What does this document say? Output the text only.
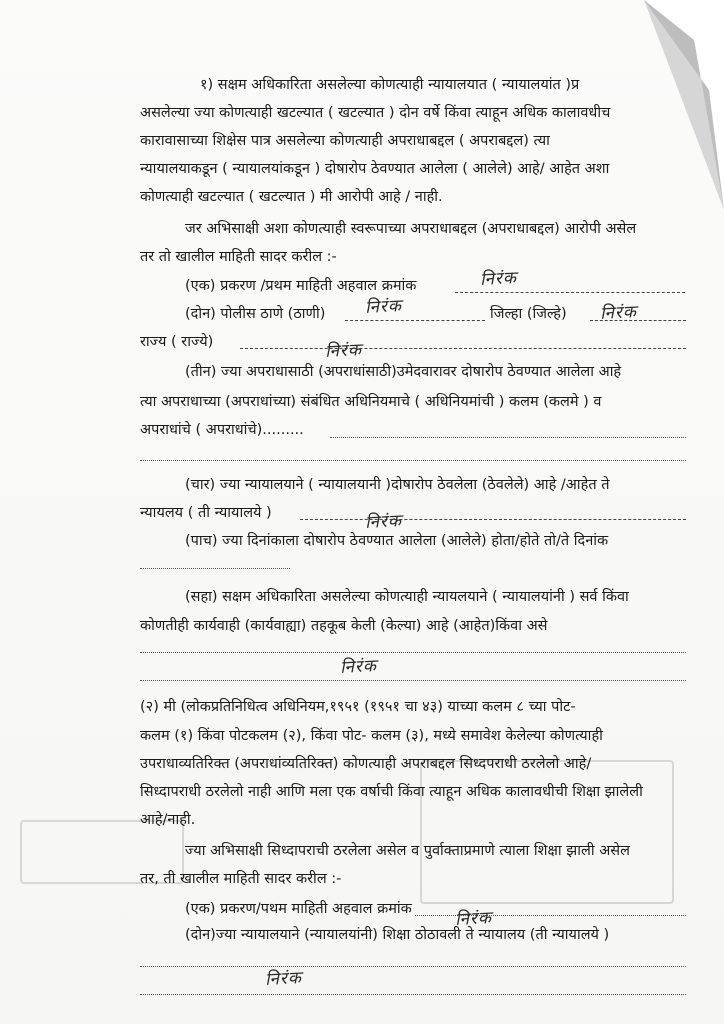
१) सक्षम अधिकारिता असलेल्या कोणत्याही न्यायालयात ( न्यायालयांत )प्र
असलेल्या ज्या कोणत्याही खटल्यात ( खटल्यात ) दोन वर्षे किंवा त्याहून अधिक कालावधीच
कारावासाच्या शिक्षेस पात्र असलेल्या कोणत्याही अपराधाबद्दल ( अपराबद्दल) त्या
न्यायालयाकडून ( न्यायालयांकडून ) दोषारोप ठेवण्यात आलेला ( आलेले) आहे/ आहेत अशा
कोणत्याही खटल्यात ( खटल्यात ) मी आरोपी आहे / नाही.
जर अभिसाक्षी अशा कोणत्याही स्वरूपाच्या अपराधाबद्दल (अपराधाबद्दल) आरोपी असेल
तर तो खालील माहिती सादर करील :-
(एक) प्रकरण /प्रथम माहिती अहवाल क्रमांक	निरंक
(दोन) पोलीस ठाणे (ठाणी) निरंक	जिल्हा (जिल्हे) निरंक
राज्य ( राज्ये)	निरंक
(तीन) ज्या अपराधासाठी (अपराधांसाठी)उमेदवारावर दोषारोप ठेवण्यात आलेला आहे
त्या अपराधाच्या (अपराधांच्या) संबंधित अधिनियमाचे ( अधिनियमांची ) कलम (कलमे ) व
अपराधांचे ( अपराधांचे).........
(चार) ज्या न्यायालयाने ( न्यायालयानी )दोषारोप ठेवलेला (ठेवलेले) आहे /आहेत ते
न्यायलय ( ती न्यायालये )	निरंक
(पाच) ज्या दिनांकाला दोषारोप ठेवण्यात आलेला (आलेले) होता/होते तो/ते दिनांक
(सहा) सक्षम अधिकारिता असलेल्या कोणत्याही न्यायलयाने ( न्यायालयांनी ) सर्व किंवा
कोणतीही कार्यवाही (कार्यवाह्या) तहकूब केली (केल्या) आहे (आहेत)किंवा असे
निरंक
(२) मी (लोकप्रतिनिधित्व अधिनियम,१९५१ (१९५१ चा ४३) याच्या कलम ८ च्या पोट-
कलम (१) किंवा पोटकलम (२), किंवा पोट- कलम (३), मध्ये समावेश केलेल्या कोणत्याही
उपराधाव्यतिरिक्त (अपराधांव्यतिरिक्त) कोणत्याही अपराबद्दल सिध्दपराधी ठरलेलो आहे/
सिध्दापराधी ठरलेलो नाही आणि मला एक वर्षाची किंवा त्याहून अधिक कालावधीची शिक्षा झालेली
आहे/नाही.
ज्या अभिसाक्षी सिध्दापराची ठरलेला असेल व पुर्वाक्ताप्रमाणे त्याला शिक्षा झाली असेल
तर, ती खालील माहिती सादर करील :-
(एक) प्रकरण/पथम माहिती अहवाल क्रमांक	निरंक
(दोन)ज्या न्यायालयाने (न्यायालयांनी) शिक्षा ठोठावली ते न्यायालय (ती न्यायालये )
निरंक
